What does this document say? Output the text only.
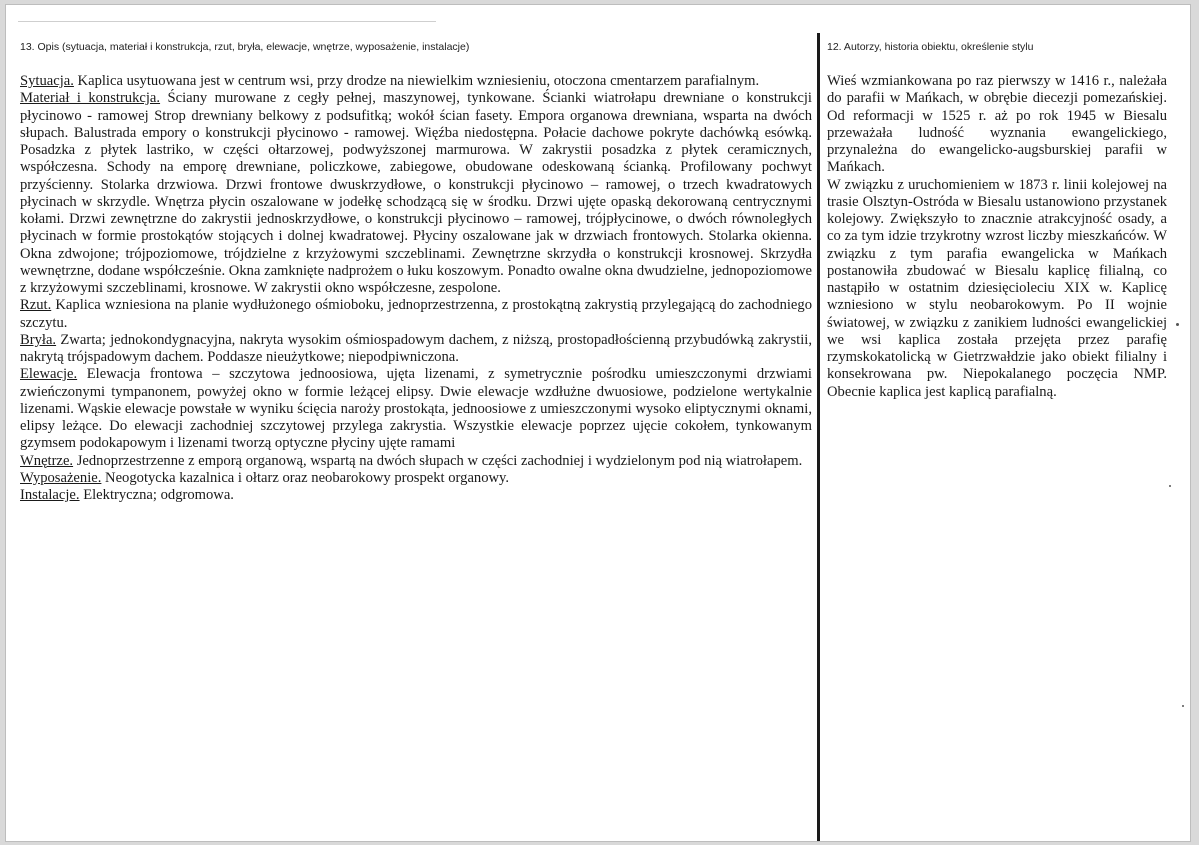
13. Opis (sytuacja, materiał i konstrukcja, rzut, bryła, elewacje, wnętrze, wyposażenie, instalacje)	12. Autorzy, historia obiektu, określenie stylu

Sytuacja. Kaplica usytuowana jest w centrum wsi, przy drodze na niewielkim wzniesieniu, otoczona cmentarzem parafialnym.

Materiał i konstrukcja. Ściany murowane z cegły pełnej, maszynowej, tynkowane. Ścianki wiatrołapu drewniane o konstrukcji płycinowo - ramowej Strop drewniany belkowy z podsufitką; wokół ścian fasety. Empora organowa drewniana, wsparta na dwóch słupach. Balustrada empory o konstrukcji płycinowo - ramowej. Więźba niedostępna. Połacie dachowe pokryte dachówką esówką. Posadzka z płytek lastriko, w części ołtarzowej, podwyższonej marmurowa. W zakrystii posadzka z płytek ceramicznych, współczesna. Schody na emporę drewniane, policzkowe, zabiegowe, obudowane odeskowaną ścianką. Profilowany pochwyt przyścienny. Stolarka drzwiowa. Drzwi frontowe dwuskrzydłowe, o konstrukcji płycinowo – ramowej, o trzech kwadratowych płycinach w skrzydle. Wnętrza płycin oszalowane w jodełkę schodzącą się w środku. Drzwi ujęte opaską dekorowaną centrycznymi kołami. Drzwi zewnętrzne do zakrystii jednoskrzydłowe, o konstrukcji płycinowo – ramowej, trójpłycinowe, o dwóch równoległych płycinach w formie prostokątów stojących i dolnej kwadratowej. Płyciny oszalowane jak w drzwiach frontowych. Stolarka okienna. Okna zdwojone; trójpoziomowe, trójdzielne z krzyżowymi szczeblinami. Zewnętrzne skrzydła o konstrukcji krosnowej. Skrzydła wewnętrzne, dodane współcześnie. Okna zamknięte nadprożem o łuku koszowym. Ponadto owalne okna dwudzielne, jednopoziomowe z krzyżowymi szczeblinami, krosnowe. W zakrystii okno współczesne, zespolone.

Rzut. Kaplica wzniesiona na planie wydłużonego ośmioboku, jednoprzestrzenna, z prostokątną zakrystią przylegającą do zachodniego szczytu.

Bryła. Zwarta; jednokondygnacyjna, nakryta wysokim ośmiospadowym dachem, z niższą, prostopadłościenną przybudówką zakrystii, nakrytą trójspadowym dachem. Poddasze nieużytkowe; niepodpiwniczona.

Elewacje. Elewacja frontowa – szczytowa jednoosiowa, ujęta lizenami, z symetrycznie pośrodku umieszczonymi drzwiami zwieńczonymi tympanonem, powyżej okno w formie leżącej elipsy. Dwie elewacje wzdłużne dwuosiowe, podzielone wertykalnie lizenami. Wąskie elewacje powstałe w wyniku ścięcia naroży prostokąta, jednoosiowe z umieszczonymi wysoko eliptycznymi oknami, elipsy leżące. Do elewacji zachodniej szczytowej przylega zakrystia. Wszystkie elewacje poprzez ujęcie cokołem, tynkowanym gzymsem podokapowym i lizenami tworzą optyczne płyciny ujęte ramami

Wnętrze. Jednoprzestrzenne z emporą organową, wspartą na dwóch słupach w części zachodniej i wydzielonym pod nią wiatrołapem.

Wyposażenie. Neogotycka kazalnica i ołtarz oraz neobarokowy prospekt organowy.

Instalacje. Elektryczna; odgromowa.

Wieś wzmiankowana po raz pierwszy w 1416 r., należała do parafii w Mańkach, w obrębie diecezji pomezańskiej. Od reformacji w 1525 r. aż po rok 1945 w Biesalu przeważała ludność wyznania ewangelickiego, przynależna do ewangelicko-augsburskiej parafii w Mańkach.

W związku z uruchomieniem w 1873 r. linii kolejowej na trasie Olsztyn-Ostróda w Biesalu ustanowiono przystanek kolejowy. Zwiększyło to znacznie atrakcyjność osady, a co za tym idzie trzykrotny wzrost liczby mieszkańców. W związku z tym parafia ewangelicka w Mańkach postanowiła zbudować w Biesalu kaplicę filialną, co nastąpiło w ostatnim dziesięcioleciu XIX w. Kaplicę wzniesiono w stylu neobarokowym. Po II wojnie światowej, w związku z zanikiem ludności ewangelickiej we wsi kaplica została przejęta przez parafię rzymskokatolicką w Gietrzwałdzie jako obiekt filialny i konsekrowana pw. Niepokalanego poczęcia NMP. Obecnie kaplica jest kaplicą parafialną.
